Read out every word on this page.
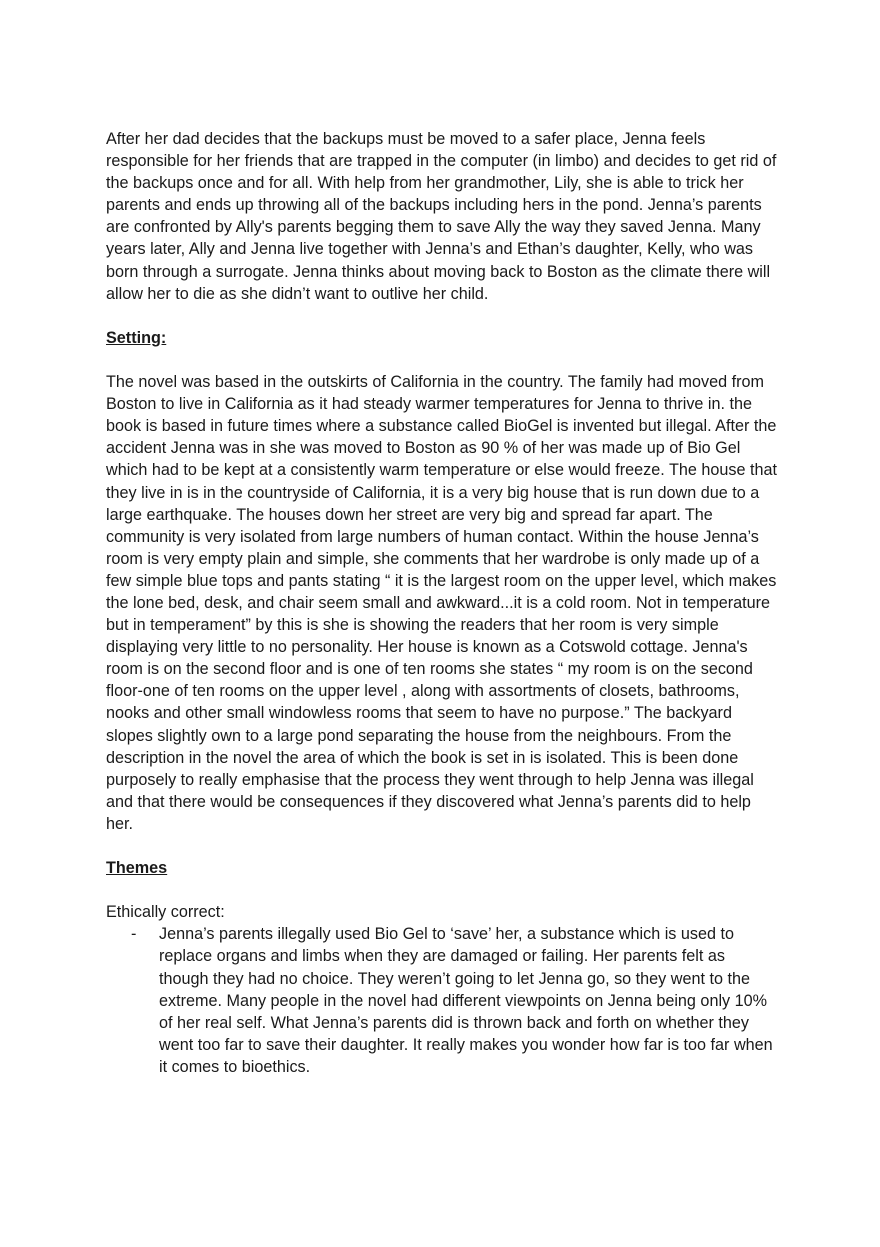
After her dad decides that the backups must be moved to a safer place, Jenna feels responsible for her friends that are trapped in the computer (in limbo) and decides to get rid of the backups once and for all. With help from her grandmother, Lily, she is able to trick her parents and ends up throwing all of the backups including hers in the pond. Jenna’s parents are confronted by Ally's parents begging them to save Ally the way they saved Jenna. Many years later, Ally and Jenna live together with Jenna’s and Ethan’s daughter, Kelly, who was born through a surrogate. Jenna thinks about moving back to Boston as the climate there will allow her to die as she didn’t want to outlive her child.

Setting:

The novel was based in the outskirts of California in the country. The family had moved from Boston to live in California as it had steady warmer temperatures for Jenna to thrive in. the book is based in future times where a substance called BioGel is invented but illegal. After the accident Jenna was in she was moved to Boston as 90 % of her was made up of Bio Gel which had to be kept at a consistently warm temperature or else would freeze. The house that they live in is in the countryside of California, it is a very big house that is run down due to a large earthquake. The houses down her street are very big and spread far apart. The community is very isolated from large numbers of human contact. Within the house Jenna’s room is very empty plain and simple, she comments that her wardrobe is only made up of a few simple blue tops and pants stating “ it is the largest room on the upper level, which makes the lone bed, desk, and chair seem small and awkward...it is a cold room. Not in temperature but in temperament” by this is she is showing the readers that her room is very simple displaying very little to no personality. Her house is known as a Cotswold cottage. Jenna's room is on the second floor and is one of ten rooms she states “ my room is on the second floor-one of ten rooms on the upper level , along with assortments of closets, bathrooms, nooks and other small windowless rooms that seem to have no purpose.” The backyard slopes slightly own to a large pond separating the house from the neighbours. From the description in the novel the area of which the book is set in is isolated. This is been done purposely to really emphasise that the process they went through to help Jenna was illegal and that there would be consequences if they discovered what Jenna’s parents did to help her.

Themes

Ethically correct:

- Jenna’s parents illegally used Bio Gel to ‘save’ her, a substance which is used to replace organs and limbs when they are damaged or failing. Her parents felt as though they had no choice. They weren’t going to let Jenna go, so they went to the extreme. Many people in the novel had different viewpoints on Jenna being only 10% of her real self. What Jenna’s parents did is thrown back and forth on whether they went too far to save their daughter. It really makes you wonder how far is too far when it comes to bioethics.
